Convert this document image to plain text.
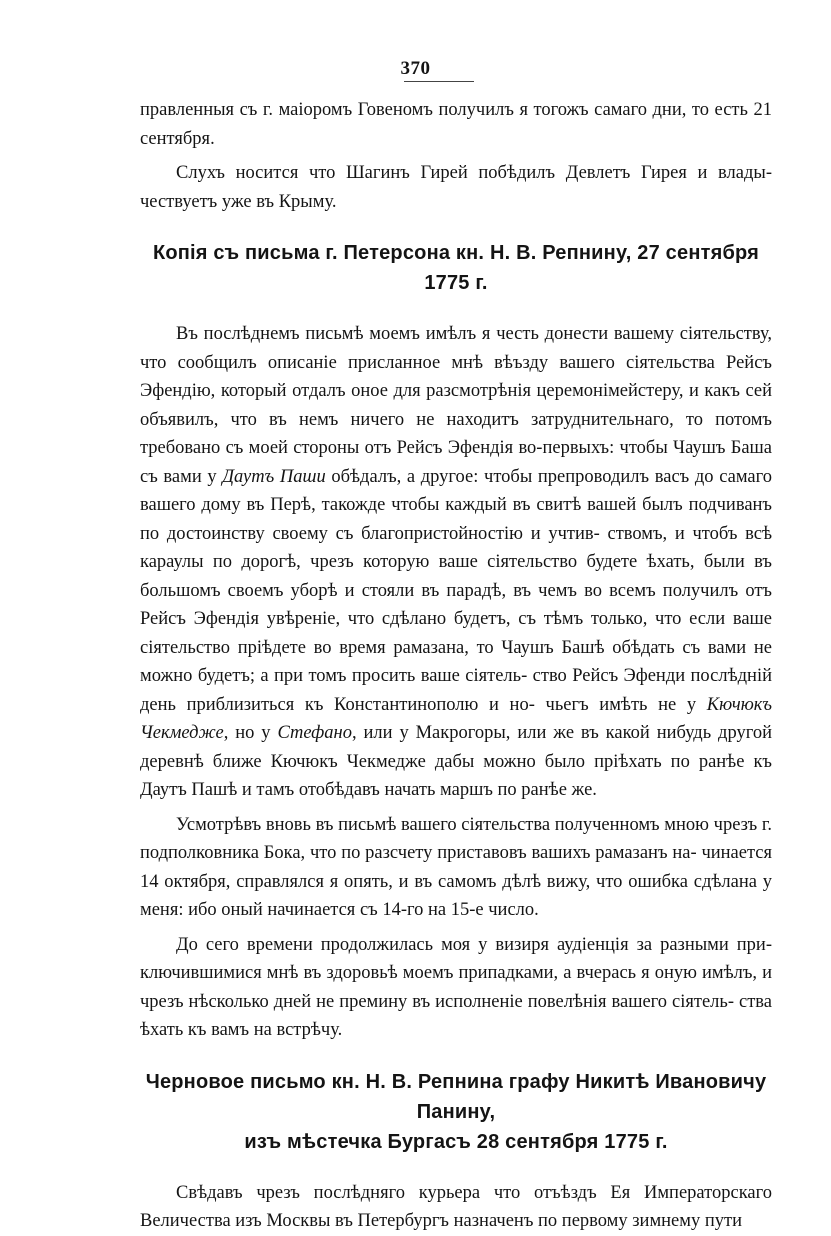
370

правленныя съ г. маіоромъ Говеномъ получилъ я тогожъ самаго дни, то есть 21 сентября.

Слухъ носится что Шагинъ Гирей побѣдилъ Девлетъ Гирея и влады- чествуетъ уже въ Крыму.

Копія съ письма г. Петерсона кн. Н. В. Репнину, 27 сентября
1775 г.

Въ послѣднемъ письмѣ моемъ имѣлъ я честь донести вашему сіятельству, что сообщилъ описаніе присланное мнѣ вѣъзду вашего сіятельства Рейсъ Эфендію, который отдалъ оное для разсмотрѣнія церемонімейстеру, и какъ сей объявилъ, что въ немъ ничего не находитъ затруднительнаго, то потомъ требовано съ моей стороны отъ Рейсъ Эфендія во-первыхъ: чтобы Чаушъ Баша съ вами у Даутъ Паши обѣдалъ, а другое: чтобы препроводилъ васъ до самаго вашего дому въ Перѣ, такожде чтобы каждый въ свитѣ вашей былъ подчиванъ по достоинству своему съ благопристойностію и учтив- ствомъ, и чтобъ всѣ караулы по дорогѣ, чрезъ которую ваше сіятельство будете ѣхать, были въ большомъ своемъ уборѣ и стояли въ парадѣ, въ чемъ во всемъ получилъ отъ Рейсъ Эфендія увѣреніе, что сдѣлано будетъ, съ тѣмъ только, что если ваше сіятельство пріѣдете во время рамазана, то Чаушъ Башѣ обѣдать съ вами не можно будетъ; а при томъ просить ваше сіятель- ство Рейсъ Эфенди послѣдній день приблизиться къ Константинополю и но- чьегъ имѣть не у Кючюкъ Чекмедже, но у Стефано, или у Макрогоры, или же въ какой нибудь другой деревнѣ ближе Кючюкъ Чекмедже дабы можно было пріѣхать по ранѣе къ Даутъ Пашѣ и тамъ отобѣдавъ начать маршъ по ранѣе же.

Усмотрѣвъ вновь въ письмѣ вашего сіятельства полученномъ мною чрезъ г. подполковника Бока, что по разсчету приставовъ вашихъ рамазанъ на- чинается 14 октября, справлялся я опять, и въ самомъ дѣлѣ вижу, что ошибка сдѣлана у меня: ибо оный начинается съ 14-го на 15-е число.

До сего времени продолжилась моя у визиря аудіенція за разными при- ключившимися мнѣ въ здоровьѣ моемъ припадками, а вчерась я оную имѣлъ, и чрезъ нѣсколько дней не премину въ исполненіе повелѣнія вашего сіятель- ства ѣхать къ вамъ на встрѣчу.

Черновое письмо кн. Н. В. Репнина графу Никитѣ Ивановичу Панину,
изъ мѣстечка Бургасъ 28 сентября 1775 г.

Свѣдавъ чрезъ послѣдняго курьера что отъѣздъ Ея Императорскаго Величества изъ Москвы въ Петербургъ назначенъ по первому зимнему пути
